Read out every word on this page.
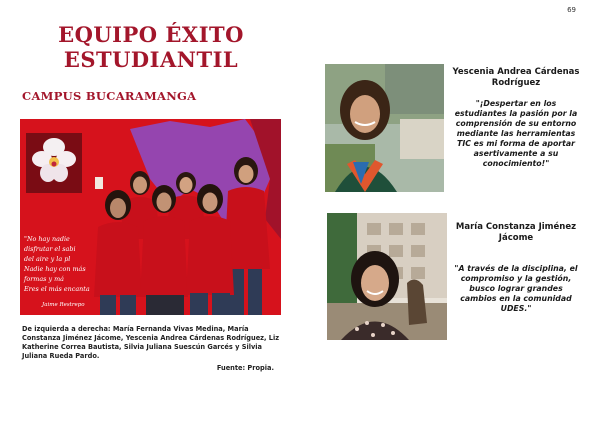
69
EQUIPO ÉXITO
ESTUDIANTIL
CAMPUS BUCARAMANGA
"No hay nadie
disfrutar el sabi
del aire y la pl
Nadie hay con más
formas y má
Eres el más encanta
Jaime Restrepo
De izquierda a derecha: María Fernanda Vivas Medina, María Constanza Jiménez Jácome, Yescenia Andrea Cárdenas Rodríguez, Liz Katherine Correa Bautista, Silvia Juliana Suescún Garcés y Silvia Juliana Rueda Pardo.
Fuente: Propia.
Yescenia Andrea Cárdenas Rodríguez
"¡Despertar en los estudiantes la pasión por la comprensión de su entorno mediante las herramientas TIC es mi forma de aportar asertivamente a su conocimiento!"
María Constanza Jiménez Jácome
"A través de la disciplina, el compromiso y la gestión, busco lograr grandes cambios en la comunidad UDES."
